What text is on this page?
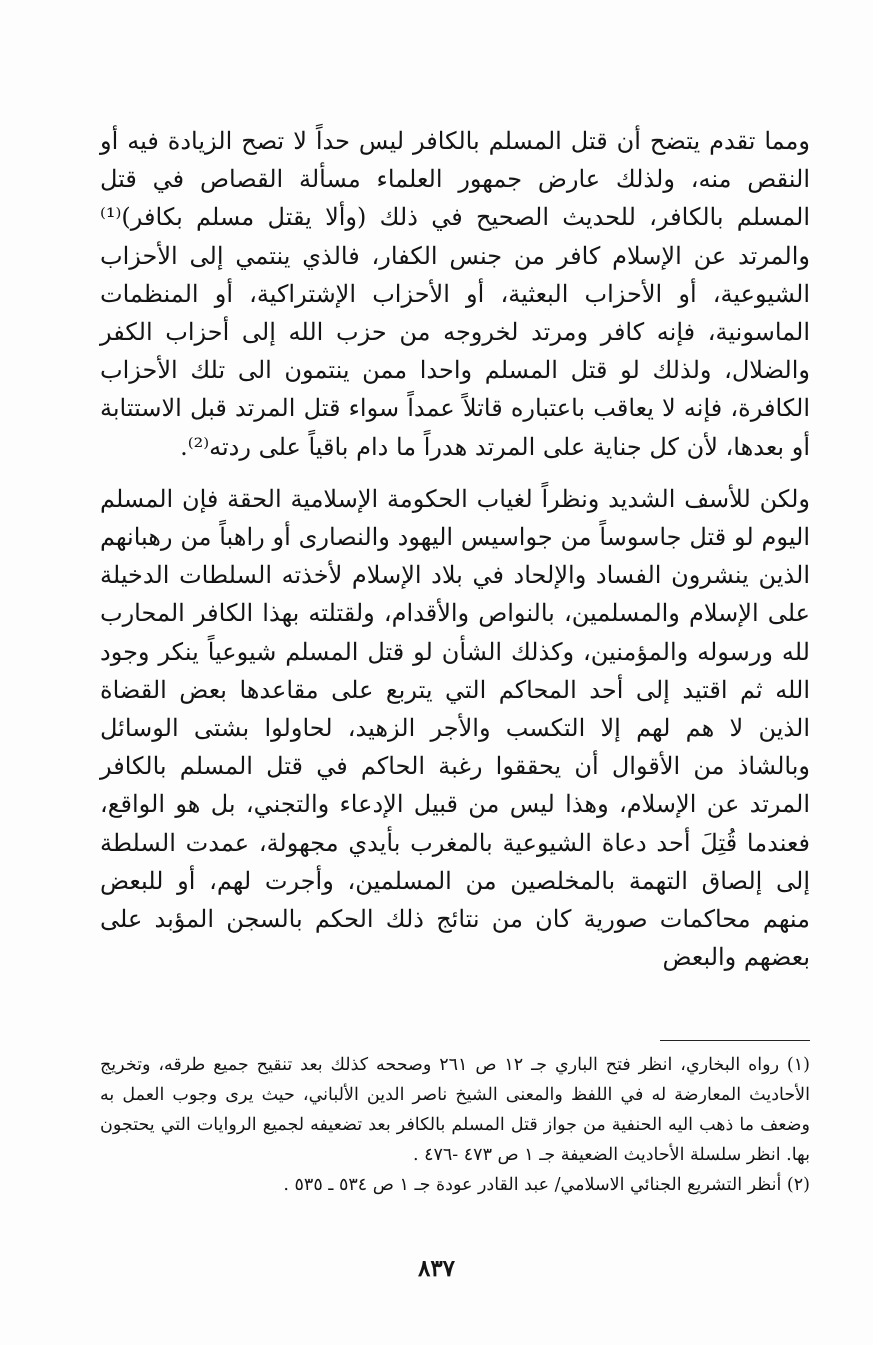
ومما تقدم يتضح أن قتل المسلم بالكافر ليس حداً لا تصح الزيادة فيه أو النقص منه، ولذلك عارض جمهور العلماء مسألة القصاص في قتل المسلم بالكافر، للحديث الصحيح في ذلك (وألا يقتل مسلم بكافر)⁽¹⁾ والمرتد عن الإسلام كافر من جنس الكفار، فالذي ينتمي إلى الأحزاب الشيوعية، أو الأحزاب البعثية، أو الأحزاب الإشتراكية، أو المنظمات الماسونية، فإنه كافر ومرتد لخروجه من حزب الله إلى أحزاب الكفر والضلال، ولذلك لو قتل المسلم واحدا ممن ينتمون الى تلك الأحزاب الكافرة، فإنه لا يعاقب باعتباره قاتلاً عمداً سواء قتل المرتد قبل الاستتابة أو بعدها، لأن كل جناية على المرتد هدراً ما دام باقياً على ردته⁽²⁾.

ولكن للأسف الشديد ونظراً لغياب الحكومة الإسلامية الحقة فإن المسلم اليوم لو قتل جاسوساً من جواسيس اليهود والنصارى أو راهباً من رهبانهم الذين ينشرون الفساد والإلحاد في بلاد الإسلام لأخذته السلطات الدخيلة على الإسلام والمسلمين، بالنواص والأقدام، ولقتلته بهذا الكافر المحارب لله ورسوله والمؤمنين، وكذلك الشأن لو قتل المسلم شيوعياً ينكر وجود الله ثم اقتيد إلى أحد المحاكم التي يتربع على مقاعدها بعض القضاة الذين لا هم لهم إلا التكسب والأجر الزهيد، لحاولوا بشتى الوسائل وبالشاذ من الأقوال أن يحققوا رغبة الحاكم في قتل المسلم بالكافر المرتد عن الإسلام، وهذا ليس من قبيل الإدعاء والتجني، بل هو الواقع، فعندما قُتِلَ أحد دعاة الشيوعية بالمغرب بأيدي مجهولة، عمدت السلطة إلى إلصاق التهمة بالمخلصين من المسلمين، وأجرت لهم، أو للبعض منهم محاكمات صورية كان من نتائج ذلك الحكم بالسجن المؤبد على بعضهم والبعض

(١) رواه البخاري، انظر فتح الباري جـ ١٢ ص ٢٦١ وصححه كذلك بعد تنقيح جميع طرقه، وتخريج الأحاديث المعارضة له في اللفظ والمعنى الشيخ ناصر الدين الألباني، حيث يرى وجوب العمل به وضعف ما ذهب اليه الحنفية من جواز قتل المسلم بالكافر بعد تضعيفه لجميع الروايات التي يحتجون بها. انظر سلسلة الأحاديث الضعيفة جـ ١ ص ٤٧٣ -٤٧٦ .

(٢) أنظر التشريع الجنائي الاسلامي/ عبد القادر عودة جـ ١ ص ٥٣٤ ـ ٥٣٥ .

٨٣٧
